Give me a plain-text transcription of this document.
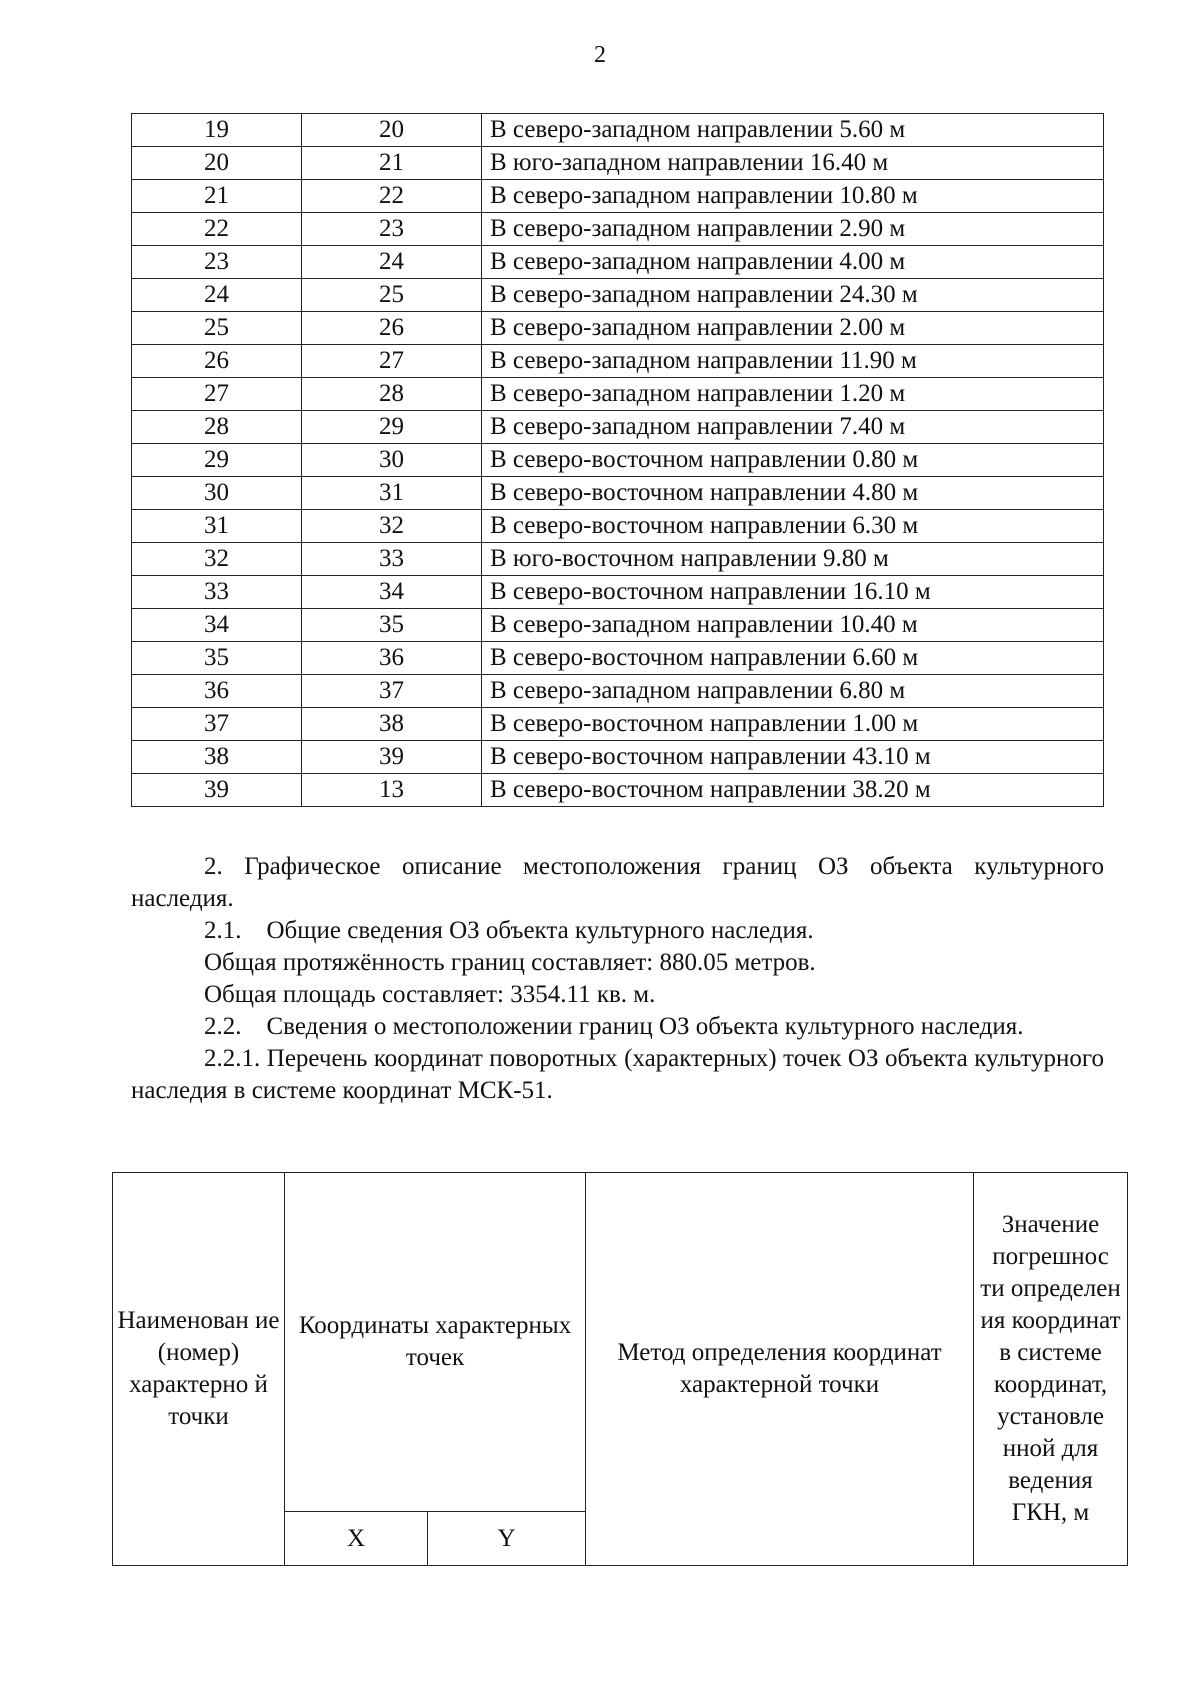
2
19	20	В северо-западном направлении 5.60 м
20	21	В юго-западном направлении 16.40 м
21	22	В северо-западном направлении 10.80 м
22	23	В северо-западном направлении 2.90 м
23	24	В северо-западном направлении 4.00 м
24	25	В северо-западном направлении 24.30 м
25	26	В северо-западном направлении 2.00 м
26	27	В северо-западном направлении 11.90 м
27	28	В северо-западном направлении 1.20 м
28	29	В северо-западном направлении 7.40 м
29	30	В северо-восточном направлении 0.80 м
30	31	В северо-восточном направлении 4.80 м
31	32	В северо-восточном направлении 6.30 м
32	33	В юго-восточном направлении 9.80 м
33	34	В северо-восточном направлении 16.10 м
34	35	В северо-западном направлении 10.40 м
35	36	В северо-восточном направлении 6.60 м
36	37	В северо-западном направлении 6.80 м
37	38	В северо-восточном направлении 1.00 м
38	39	В северо-восточном направлении 43.10 м
39	13	В северо-восточном направлении 38.20 м

2. Графическое описание местоположения границ ОЗ объекта культурного наследия.

2.1. Общие сведения ОЗ объекта культурного наследия.

Общая протяжённость границ составляет: 880.05 метров.

Общая площадь составляет: 3354.11 кв. м.

2.2. Сведения о местоположении границ ОЗ объекта культурного наследия.

2.2.1. Перечень координат поворотных (характерных) точек ОЗ объекта культурного наследия в системе координат МСК-51.

Наименован ие (номер) характерно й точки	Координаты характерных точек		Метод определения координат характерной точки	Значение погрешнос ти определен ия координат в системе координат, установле нной для ведения ГКН, м
	X	Y		
